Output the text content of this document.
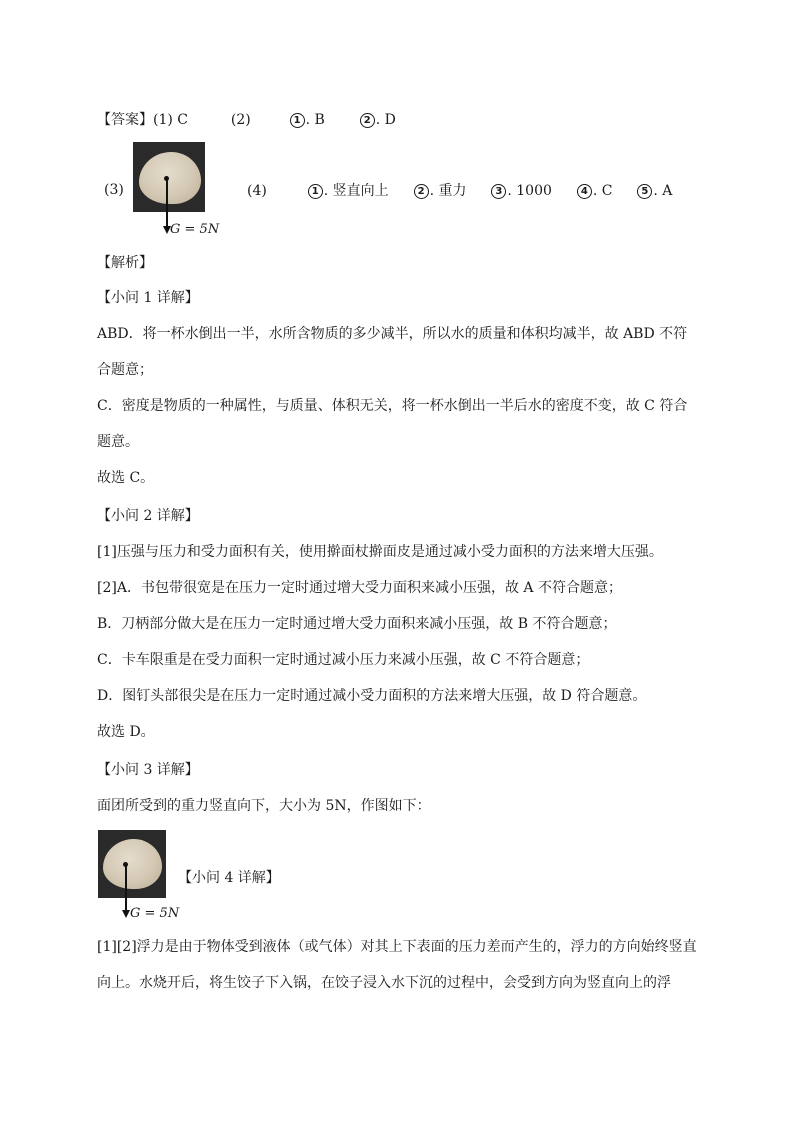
【答案】(1) C	(2)	1 . B	2 . D
(3)
G = 5N
(4)	1 . 竖直向上	2 . 重力	3 . 1000	4 . C	5 . A
【解析】
【小问 1 详解】
ABD．将一杯水倒出一半，水所含物质的多少减半，所以水的质量和体积均减半，故 ABD 不符
合题意；
C．密度是物质的一种属性，与质量、体积无关，将一杯水倒出一半后水的密度不变，故 C 符合
题意。
故选 C。
【小问 2 详解】
[1]压强与压力和受力面积有关，使用擀面杖擀面皮是通过减小受力面积的方法来增大压强。
[2]A．书包带很宽是在压力一定时通过增大受力面积来减小压强，故 A 不符合题意；
B．刀柄部分做大是在压力一定时通过增大受力面积来减小压强，故 B 不符合题意；
C．卡车限重是在受力面积一定时通过减小压力来减小压强，故 C 不符合题意；
D．图钉头部很尖是在压力一定时通过减小受力面积的方法来增大压强，故 D 符合题意。
故选 D。
【小问 3 详解】
面团所受到的重力竖直向下，大小为 5N，作图如下：
G = 5N
【小问 4 详解】
[1][2]浮力是由于物体受到液体（或气体）对其上下表面的压力差而产生的，浮力的方向始终竖直
向上。水烧开后，将生饺子下入锅，在饺子浸入水下沉的过程中，会受到方向为竖直向上的浮
